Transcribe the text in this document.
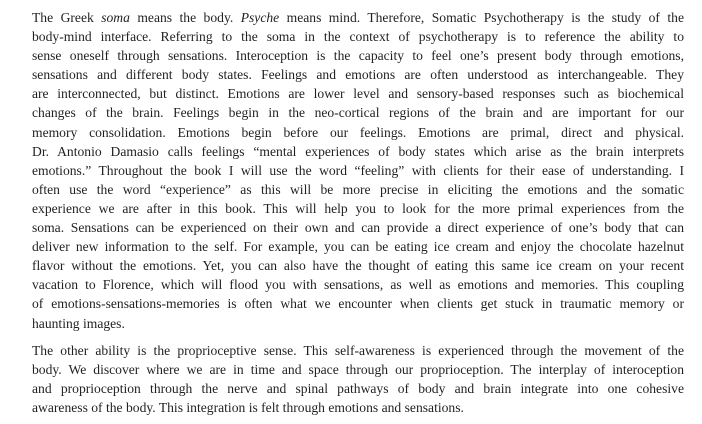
The Greek soma means the body. Psyche means mind. Therefore, Somatic Psychotherapy is the study of the
body-mind interface. Referring to the soma in the context of psychotherapy is to reference the ability to
sense oneself through sensations. Interoception is the capacity to feel one’s present body through emotions,
sensations and different body states. Feelings and emotions are often understood as interchangeable. They
are interconnected, but distinct. Emotions are lower level and sensory-based responses such as biochemical
changes of the brain. Feelings begin in the neo-cortical regions of the brain and are important for our
memory consolidation. Emotions begin before our feelings. Emotions are primal, direct and physical.
Dr. Antonio Damasio calls feelings “mental experiences of body states which arise as the brain interprets
emotions.” Throughout the book I will use the word “feeling” with clients for their ease of understanding. I
often use the word “experience” as this will be more precise in eliciting the emotions and the somatic
experience we are after in this book. This will help you to look for the more primal experiences from the
soma. Sensations can be experienced on their own and can provide a direct experience of one’s body that can
deliver new information to the self. For example, you can be eating ice cream and enjoy the chocolate hazelnut
flavor without the emotions. Yet, you can also have the thought of eating this same ice cream on your recent
vacation to Florence, which will flood you with sensations, as well as emotions and memories. This coupling
of emotions-sensations-memories is often what we encounter when clients get stuck in traumatic memory or
haunting images.
The other ability is the proprioceptive sense. This self-awareness is experienced through the movement of the
body. We discover where we are in time and space through our proprioception. The interplay of interoception
and proprioception through the nerve and spinal pathways of body and brain integrate into one cohesive
awareness of the body. This integration is felt through emotions and sensations.
